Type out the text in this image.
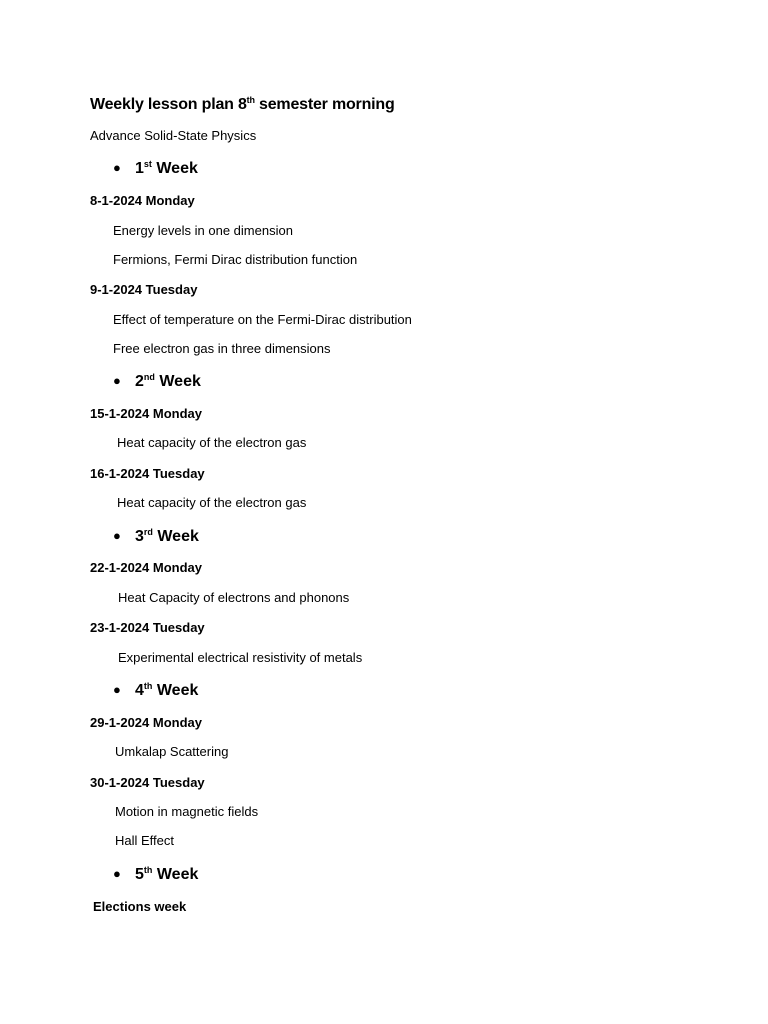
Weekly lesson plan 8th semester morning
Advance Solid-State Physics
● 1st Week
8-1-2024 Monday
Energy levels in one dimension
Fermions, Fermi Dirac distribution function
9-1-2024 Tuesday
Effect of temperature on the Fermi-Dirac distribution
Free electron gas in three dimensions
● 2nd Week
15-1-2024 Monday
Heat capacity of the electron gas
16-1-2024 Tuesday
Heat capacity of the electron gas
● 3rd Week
22-1-2024 Monday
Heat Capacity of electrons and phonons
23-1-2024 Tuesday
Experimental electrical resistivity of metals
● 4th Week
29-1-2024 Monday
Umkalap Scattering
30-1-2024 Tuesday
Motion in magnetic fields
Hall Effect
● 5th Week
Elections week
